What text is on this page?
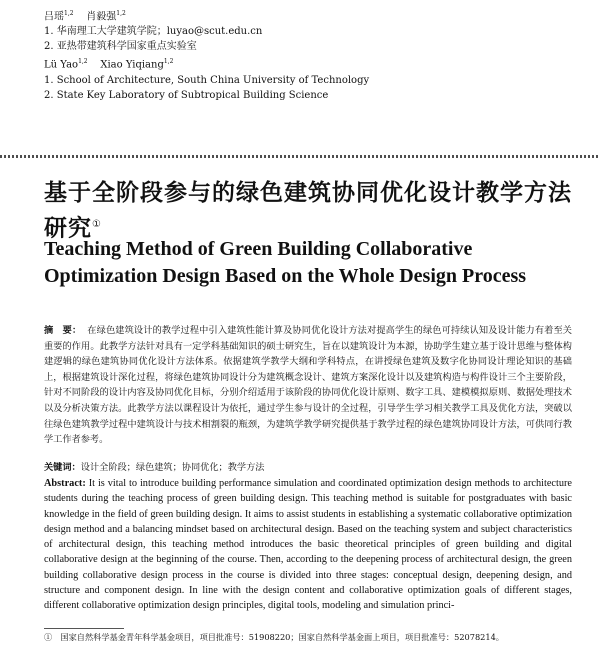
吕瑶$^{1,2}$ 肖毅强$^{1,2}$
1. 华南理工大学建筑学院；luyao@scut.edu.cn
2. 亚热带建筑科学国家重点实验室
Lü Yao$^{1,2}$ Xiao Yiqiang$^{1,2}$
1. School of Architecture, South China University of Technology
2. State Key Laboratory of Subtropical Building Science
基于全阶段参与的绿色建筑协同优化设计教学方法研究①
Teaching Method of Green Building Collaborative Optimization Design Based on the Whole Design Process
摘　要： 在绿色建筑设计的教学过程中引入建筑性能计算及协同优化设计方法对提高学生的绿色可持续认知及设计能力有着至关重要的作用。此教学方法针对具有一定学科基础知识的硕士研究生，旨在以建筑设计为本源，协助学生建立基于设计思维与整体构建逻辑的绿色建筑协同优化设计方法体系。依据建筑学教学大纲和学科特点，在讲授绿色建筑及数字化协同设计理论知识的基础上，根据建筑设计深化过程，将绿色建筑协同设计分为建筑概念设计、建筑方案深化设计以及建筑构造与构件设计三个主要阶段，针对不同阶段的设计内容及协同优化目标，分别介绍适用于该阶段的协同优化设计原则、数字工具、建模模拟原则、数据处理技术以及分析决策方法。此教学方法以课程设计为依托，通过学生参与设计的全过程，引导学生学习相关教学工具及优化方法，突破以往绿色建筑教学过程中建筑设计与技术相割裂的瓶颈，为建筑学教学研究提供基于教学过程的绿色建筑协同设计方法，可供同行教学工作者参考。
关键词：设计全阶段；绿色建筑；协同优化；教学方法
Abstract: It is vital to introduce building performance simulation and coordinated optimization design methods to architecture students during the teaching process of green building design. This teaching method is suitable for postgraduates with basic knowledge in the field of green building design. It aims to assist students in establishing a systematic collaborative optimization design method and a balancing mindset based on architectural design. Based on the teaching system and subject characteristics of architectural design, this teaching method introduces the basic theoretical principles of green building and digital collaborative design at the beginning of the course. Then, according to the deepening process of architectural design, the green building collaborative design process in the course is divided into three stages: conceptual design, deepening design, and structure and component design. In line with the design content and collaborative optimization goals of different stages, different collaborative optimization design principles, digital tools, modeling and simulation princi-
①　国家自然科学基金青年科学基金项目，项目批准号：51908220；国家自然科学基金面上项目，项目批准号：52078214。
